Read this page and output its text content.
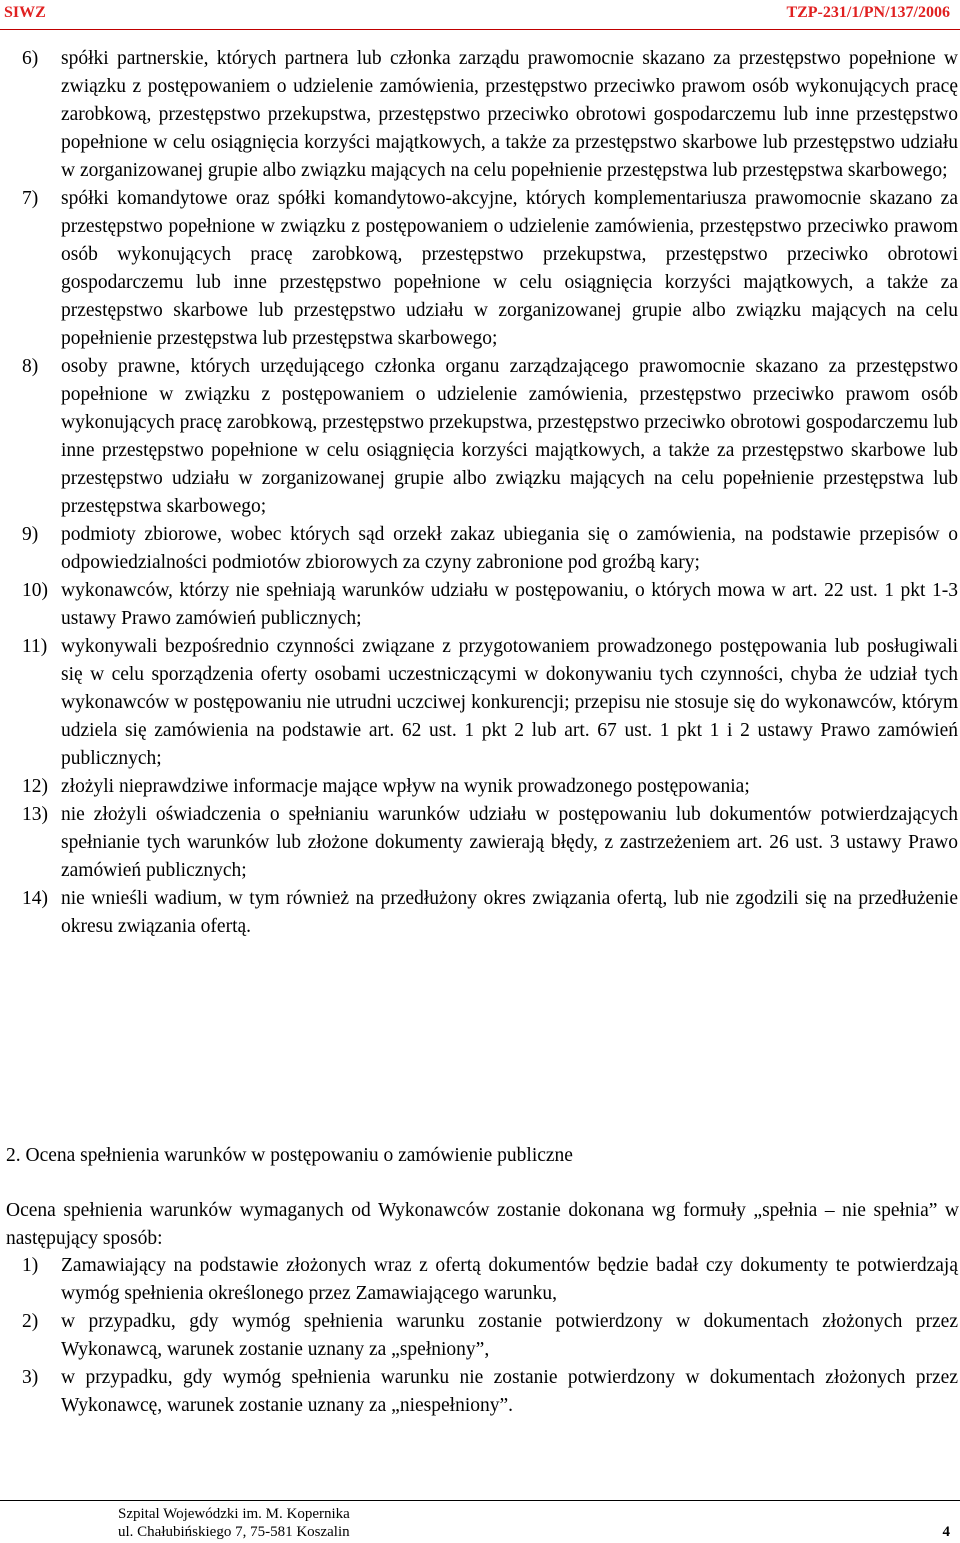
SIWZ	TZP-231/1/PN/137/2006
6) spółki partnerskie, których partnera lub członka zarządu prawomocnie skazano za przestępstwo popełnione w związku z postępowaniem o udzielenie zamówienia, przestępstwo przeciwko prawom osób wykonujących pracę zarobkową, przestępstwo przekupstwa, przestępstwo przeciwko obrotowi gospodarczemu lub inne przestępstwo popełnione w celu osiągnięcia korzyści majątkowych, a także za przestępstwo skarbowe lub przestępstwo udziału w zorganizowanej grupie albo związku mających na celu popełnienie przestępstwa lub przestępstwa skarbowego;
7) spółki komandytowe oraz spółki komandytowo-akcyjne, których komplementariusza prawomocnie skazano za przestępstwo popełnione w związku z postępowaniem o udzielenie zamówienia, przestępstwo przeciwko prawom osób wykonujących pracę zarobkową, przestępstwo przekupstwa, przestępstwo przeciwko obrotowi gospodarczemu lub inne przestępstwo popełnione w celu osiągnięcia korzyści majątkowych, a także za przestępstwo skarbowe lub przestępstwo udziału w zorganizowanej grupie albo związku mających na celu popełnienie przestępstwa lub przestępstwa skarbowego;
8) osoby prawne, których urzędującego członka organu zarządzającego prawomocnie skazano za przestępstwo popełnione w związku z postępowaniem o udzielenie zamówienia, przestępstwo przeciwko prawom osób wykonujących pracę zarobkową, przestępstwo przekupstwa, przestępstwo przeciwko obrotowi gospodarczemu lub inne przestępstwo popełnione w celu osiągnięcia korzyści majątkowych, a także za przestępstwo skarbowe lub przestępstwo udziału w zorganizowanej grupie albo związku mających na celu popełnienie przestępstwa lub przestępstwa skarbowego;
9) podmioty zbiorowe, wobec których sąd orzekł zakaz ubiegania się o zamówienia, na podstawie przepisów o odpowiedzialności podmiotów zbiorowych za czyny zabronione pod groźbą kary;
10) wykonawców, którzy nie spełniają warunków udziału w postępowaniu, o których mowa w art. 22 ust. 1 pkt 1-3 ustawy Prawo zamówień publicznych;
11) wykonywali bezpośrednio czynności związane z przygotowaniem prowadzonego postępowania lub posługiwali się w celu sporządzenia oferty osobami uczestniczącymi w dokonywaniu tych czynności, chyba że udział tych wykonawców w postępowaniu nie utrudni uczciwej konkurencji; przepisu nie stosuje się do wykonawców, którym udziela się zamówienia na podstawie art. 62 ust. 1 pkt 2 lub art. 67 ust. 1 pkt 1 i 2 ustawy Prawo zamówień publicznych;
12) złożyli nieprawdziwe informacje mające wpływ na wynik prowadzonego postępowania;
13) nie złożyli oświadczenia o spełnianiu warunków udziału w postępowaniu lub dokumentów potwierdzających spełnianie tych warunków lub złożone dokumenty zawierają błędy, z zastrzeżeniem art. 26 ust. 3 ustawy Prawo zamówień publicznych;
14) nie wnieśli wadium, w tym również na przedłużony okres związania ofertą, lub nie zgodzili się na przedłużenie okresu związania ofertą.
2. Ocena spełnienia warunków w postępowaniu o zamówienie publiczne
Ocena spełnienia warunków wymaganych od Wykonawców zostanie dokonana wg formuły „spełnia – nie spełnia” w następujący sposób:
1) Zamawiający na podstawie złożonych wraz z ofertą dokumentów będzie badał czy dokumenty te potwierdzają wymóg spełnienia określonego przez Zamawiającego warunku,
2) w przypadku, gdy wymóg spełnienia warunku zostanie potwierdzony w dokumentach złożonych przez Wykonawcą, warunek zostanie uznany za „spełniony”,
3) w przypadku, gdy wymóg spełnienia warunku nie zostanie potwierdzony w dokumentach złożonych przez Wykonawcę, warunek zostanie uznany za „niespełniony”.
Szpital Wojewódzki im. M. Kopernika
ul. Chałubińskiego 7, 75-581 Koszalin	4
